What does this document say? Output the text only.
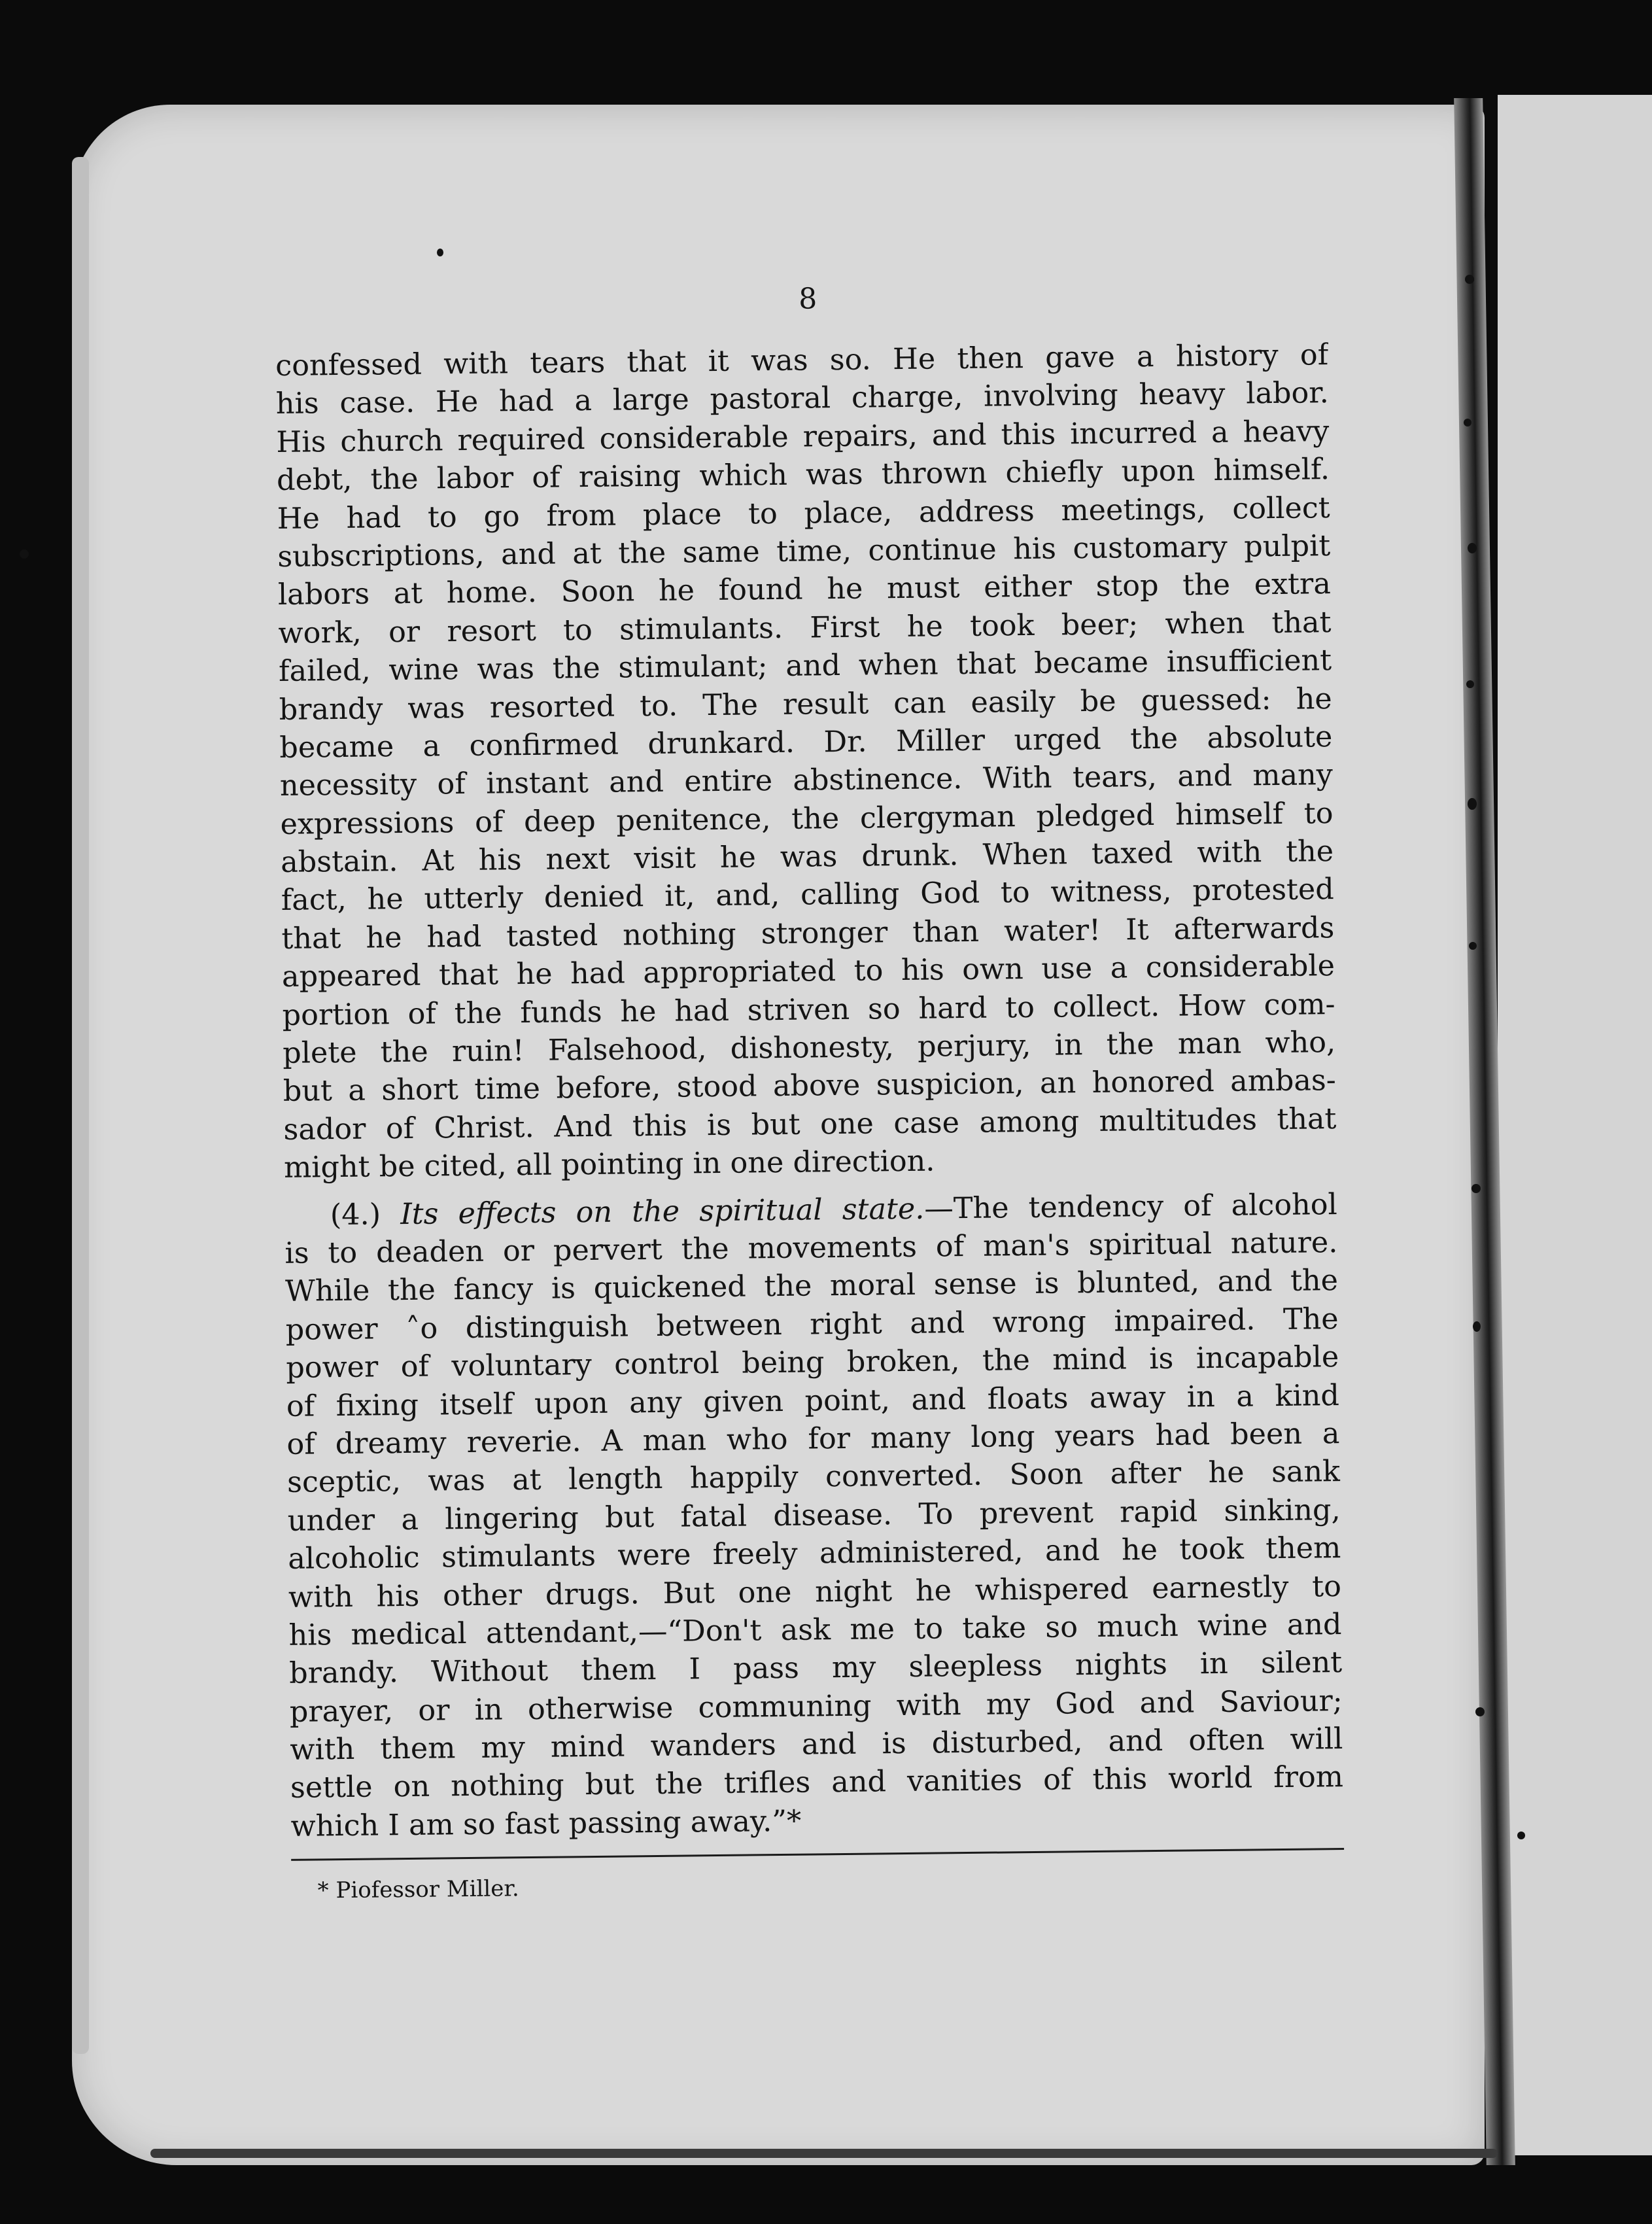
8
confessed with tears that it was so. He then gave a history of
his case. He had a large pastoral charge, involving heavy labor.
His church required considerable repairs, and this incurred a heavy
debt, the labor of raising which was thrown chiefly upon himself.
He had to go from place to place, address meetings, collect
subscriptions, and at the same time, continue his customary pulpit
labors at home. Soon he found he must either stop the extra
work, or resort to stimulants. First he took beer; when that
failed, wine was the stimulant; and when that became insufficient
brandy was resorted to. The result can easily be guessed: he
became a confirmed drunkard. Dr. Miller urged the absolute
necessity of instant and entire abstinence. With tears, and many
expressions of deep penitence, the clergyman pledged himself to
abstain. At his next visit he was drunk. When taxed with the
fact, he utterly denied it, and, calling God to witness, protested
that he had tasted nothing stronger than water! It afterwards
appeared that he had appropriated to his own use a considerable
portion of the funds he had striven so hard to collect. How com-
plete the ruin! Falsehood, dishonesty, perjury, in the man who,
but a short time before, stood above suspicion, an honored ambas-
sador of Christ. And this is but one case among multitudes that
might be cited, all pointing in one direction.
(4.) Its effects on the spiritual state.—The tendency of alcohol
is to deaden or pervert the movements of man's spiritual nature.
While the fancy is quickened the moral sense is blunted, and the
power ˄o distinguish between right and wrong impaired. The
power of voluntary control being broken, the mind is incapable
of fixing itself upon any given point, and floats away in a kind
of dreamy reverie. A man who for many long years had been a
sceptic, was at length happily converted. Soon after he sank
under a lingering but fatal disease. To prevent rapid sinking,
alcoholic stimulants were freely administered, and he took them
with his other drugs. But one night he whispered earnestly to
his medical attendant,—“Don't ask me to take so much wine and
brandy. Without them I pass my sleepless nights in silent
prayer, or in otherwise communing with my God and Saviour;
with them my mind wanders and is disturbed, and often will
settle on nothing but the trifles and vanities of this world from
which I am so fast passing away.”*
* Piofessor Miller.
